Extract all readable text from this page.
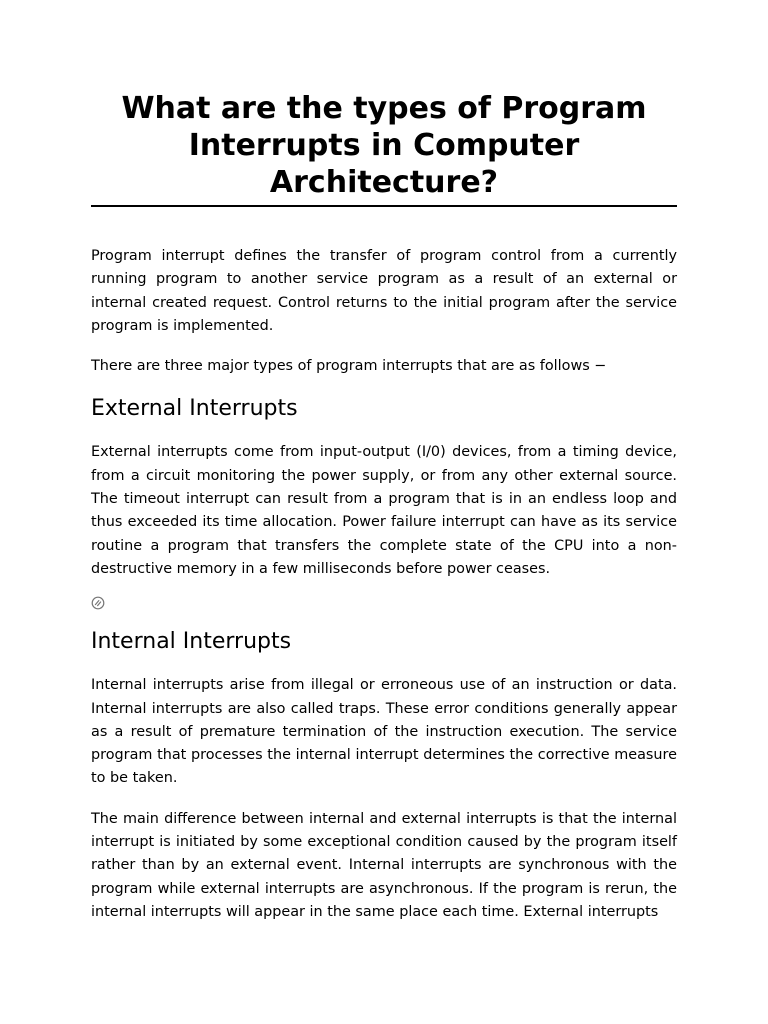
What are the types of Program Interrupts in Computer Architecture?

Program interrupt defines the transfer of program control from a currently running program to another service program as a result of an external or internal created request. Control returns to the initial program after the service program is implemented.

There are three major types of program interrupts that are as follows −

External Interrupts

External interrupts come from input-output (I/0) devices, from a timing device, from a circuit monitoring the power supply, or from any other external source. The timeout interrupt can result from a program that is in an endless loop and thus exceeded its time allocation. Power failure interrupt can have as its service routine a program that transfers the complete state of the CPU into a non-destructive memory in a few milliseconds before power ceases.

Internal Interrupts

Internal interrupts arise from illegal or erroneous use of an instruction or data. Internal interrupts are also called traps. These error conditions generally appear as a result of premature termination of the instruction execution. The service program that processes the internal interrupt determines the corrective measure to be taken.

The main difference between internal and external interrupts is that the internal interrupt is initiated by some exceptional condition caused by the program itself rather than by an external event. Internal interrupts are synchronous with the program while external interrupts are asynchronous. If the program is rerun, the internal interrupts will appear in the same place each time. External interrupts
